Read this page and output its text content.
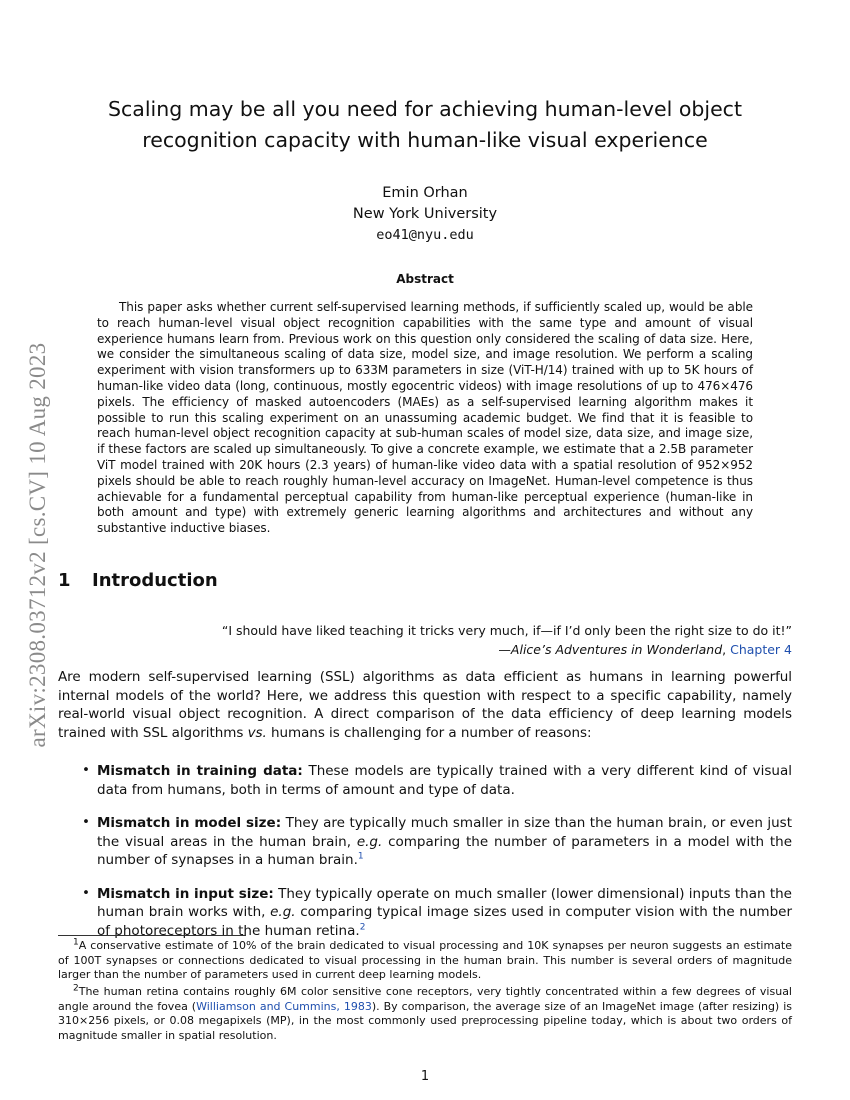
arXiv:2308.03712v2 [cs.CV] 10 Aug 2023
Scaling may be all you need for achieving human-level object recognition capacity with human-like visual experience
Emin Orhan
New York University
eo41@nyu.edu
Abstract
This paper asks whether current self-supervised learning methods, if sufficiently scaled up, would be able to reach human-level visual object recognition capabilities with the same type and amount of visual experience humans learn from. Previous work on this question only considered the scaling of data size. Here, we consider the simultaneous scaling of data size, model size, and image resolution. We perform a scaling experiment with vision transformers up to 633M parameters in size (ViT-H/14) trained with up to 5K hours of human-like video data (long, continuous, mostly egocentric videos) with image resolutions of up to 476×476 pixels. The efficiency of masked autoencoders (MAEs) as a self-supervised learning algorithm makes it possible to run this scaling experiment on an unassuming academic budget. We find that it is feasible to reach human-level object recognition capacity at sub-human scales of model size, data size, and image size, if these factors are scaled up simultaneously. To give a concrete example, we estimate that a 2.5B parameter ViT model trained with 20K hours (2.3 years) of human-like video data with a spatial resolution of 952×952 pixels should be able to reach roughly human-level accuracy on ImageNet. Human-level competence is thus achievable for a fundamental perceptual capability from human-like perceptual experience (human-like in both amount and type) with extremely generic learning algorithms and architectures and without any substantive inductive biases.
1 Introduction
“I should have liked teaching it tricks very much, if—if I’d only been the right size to do it!”
—Alice’s Adventures in Wonderland, Chapter 4
Are modern self-supervised learning (SSL) algorithms as data efficient as humans in learning powerful internal models of the world? Here, we address this question with respect to a specific capability, namely real-world visual object recognition. A direct comparison of the data efficiency of deep learning models trained with SSL algorithms vs. humans is challenging for a number of reasons:
• Mismatch in training data: These models are typically trained with a very different kind of visual data from humans, both in terms of amount and type of data.
• Mismatch in model size: They are typically much smaller in size than the human brain, or even just the visual areas in the human brain, e.g. comparing the number of parameters in a model with the number of synapses in a human brain.$^1$
• Mismatch in input size: They typically operate on much smaller (lower dimensional) inputs than the human brain works with, e.g. comparing typical image sizes used in computer vision with the number of photoreceptors in the human retina.$^2$
$^1$A conservative estimate of 10% of the brain dedicated to visual processing and 10K synapses per neuron suggests an estimate of 100T synapses or connections dedicated to visual processing in the human brain. This number is several orders of magnitude larger than the number of parameters used in current deep learning models.
$^2$The human retina contains roughly 6M color sensitive cone receptors, very tightly concentrated within a few degrees of visual angle around the fovea (Williamson and Cummins, 1983). By comparison, the average size of an ImageNet image (after resizing) is 310×256 pixels, or 0.08 megapixels (MP), in the most commonly used preprocessing pipeline today, which is about two orders of magnitude smaller in spatial resolution.
1
